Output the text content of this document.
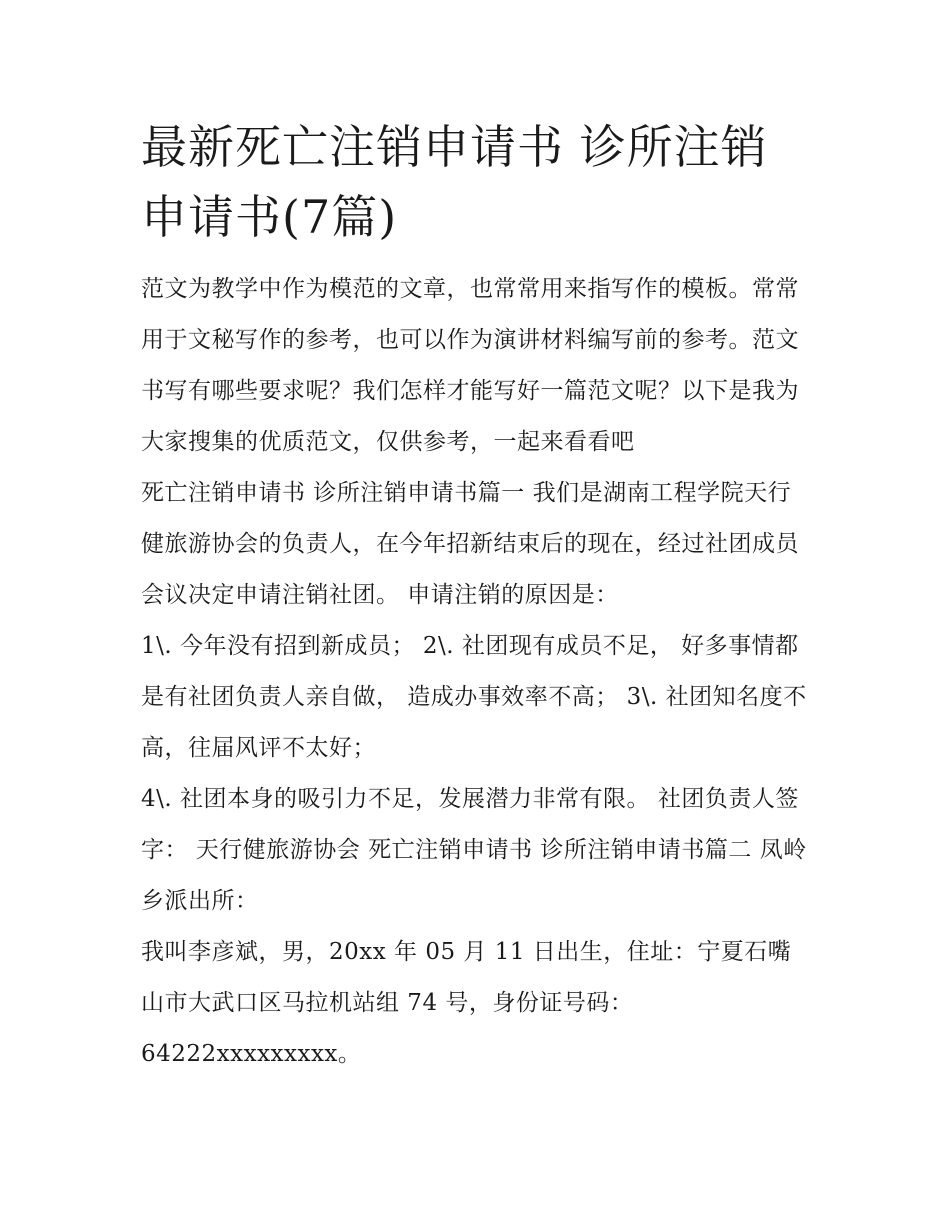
最新死亡注销申请书 诊所注销申请书(7篇)

范文为教学中作为模范的文章，也常常用来指写作的模板。常常用于文秘写作的参考，也可以作为演讲材料编写前的参考。范文书写有哪些要求呢？我们怎样才能写好一篇范文呢？以下是我为大家搜集的优质范文，仅供参考，一起来看看吧

死亡注销申请书 诊所注销申请书篇一 我们是湖南工程学院天行健旅游协会的负责人，在今年招新结束后的现在，经过社团成员会议决定申请注销社团。 申请注销的原因是：

1\. 今年没有招到新成员； 2\. 社团现有成员不足， 好多事情都是有社团负责人亲自做， 造成办事效率不高； 3\. 社团知名度不高，往届风评不太好；

4\. 社团本身的吸引力不足，发展潜力非常有限。 社团负责人签字： 天行健旅游协会 死亡注销申请书 诊所注销申请书篇二 凤岭乡派出所：

我叫李彦斌，男，20xx 年 05 月 11 日出生，住址：宁夏石嘴山市大武口区马拉机站组 74 号，身份证号码：

64222xxxxxxxxx。
